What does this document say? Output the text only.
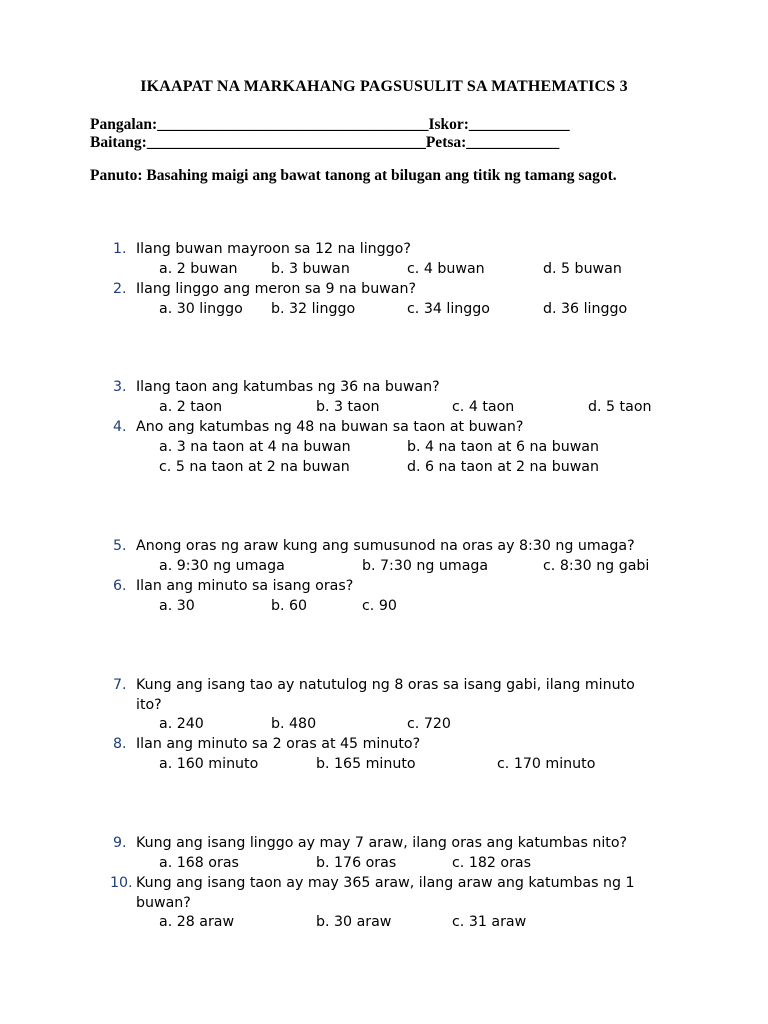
IKAAPAT NA MARKAHANG PAGSUSULIT SA MATHEMATICS 3
Pangalan:___________________________________Iskor:_____________
Baitang:____________________________________Petsa:____________
Panuto: Basahing maigi ang bawat tanong at bilugan ang titik ng tamang sagot.
1. Ilang buwan mayroon sa 12 na linggo?
a. 2 buwan b. 3 buwan	c. 4 buwan	d. 5 buwan
2. Ilang linggo ang meron sa 9 na buwan?
a. 30 linggo b. 32 linggo	c. 34 linggo	d. 36 linggo
3. Ilang taon ang katumbas ng 36 na buwan?
a. 2 taon	b. 3 taon	c. 4 taon	d. 5 taon
4. Ano ang katumbas ng 48 na buwan sa taon at buwan?
a. 3 na taon at 4 na buwan	b. 4 na taon at 6 na buwan
c. 5 na taon at 2 na buwan	d. 6 na taon at 2 na buwan
5. Anong oras ng araw kung ang sumusunod na oras ay 8:30 ng umaga?
a. 9:30 ng umaga	b. 7:30 ng umaga	c. 8:30 ng gabi
6. Ilan ang minuto sa isang oras?
a. 30	b. 60	c. 90
7. Kung ang isang tao ay natutulog ng 8 oras sa isang gabi, ilang minuto
ito?
a. 240	b. 480	c. 720
8. Ilan ang minuto sa 2 oras at 45 minuto?
a. 160 minuto	b. 165 minuto	c. 170 minuto
9. Kung ang isang linggo ay may 7 araw, ilang oras ang katumbas nito?
a. 168 oras	b. 176 oras	c. 182 oras
10. Kung ang isang taon ay may 365 araw, ilang araw ang katumbas ng 1
buwan?
a. 28 araw	b. 30 araw	c. 31 araw
